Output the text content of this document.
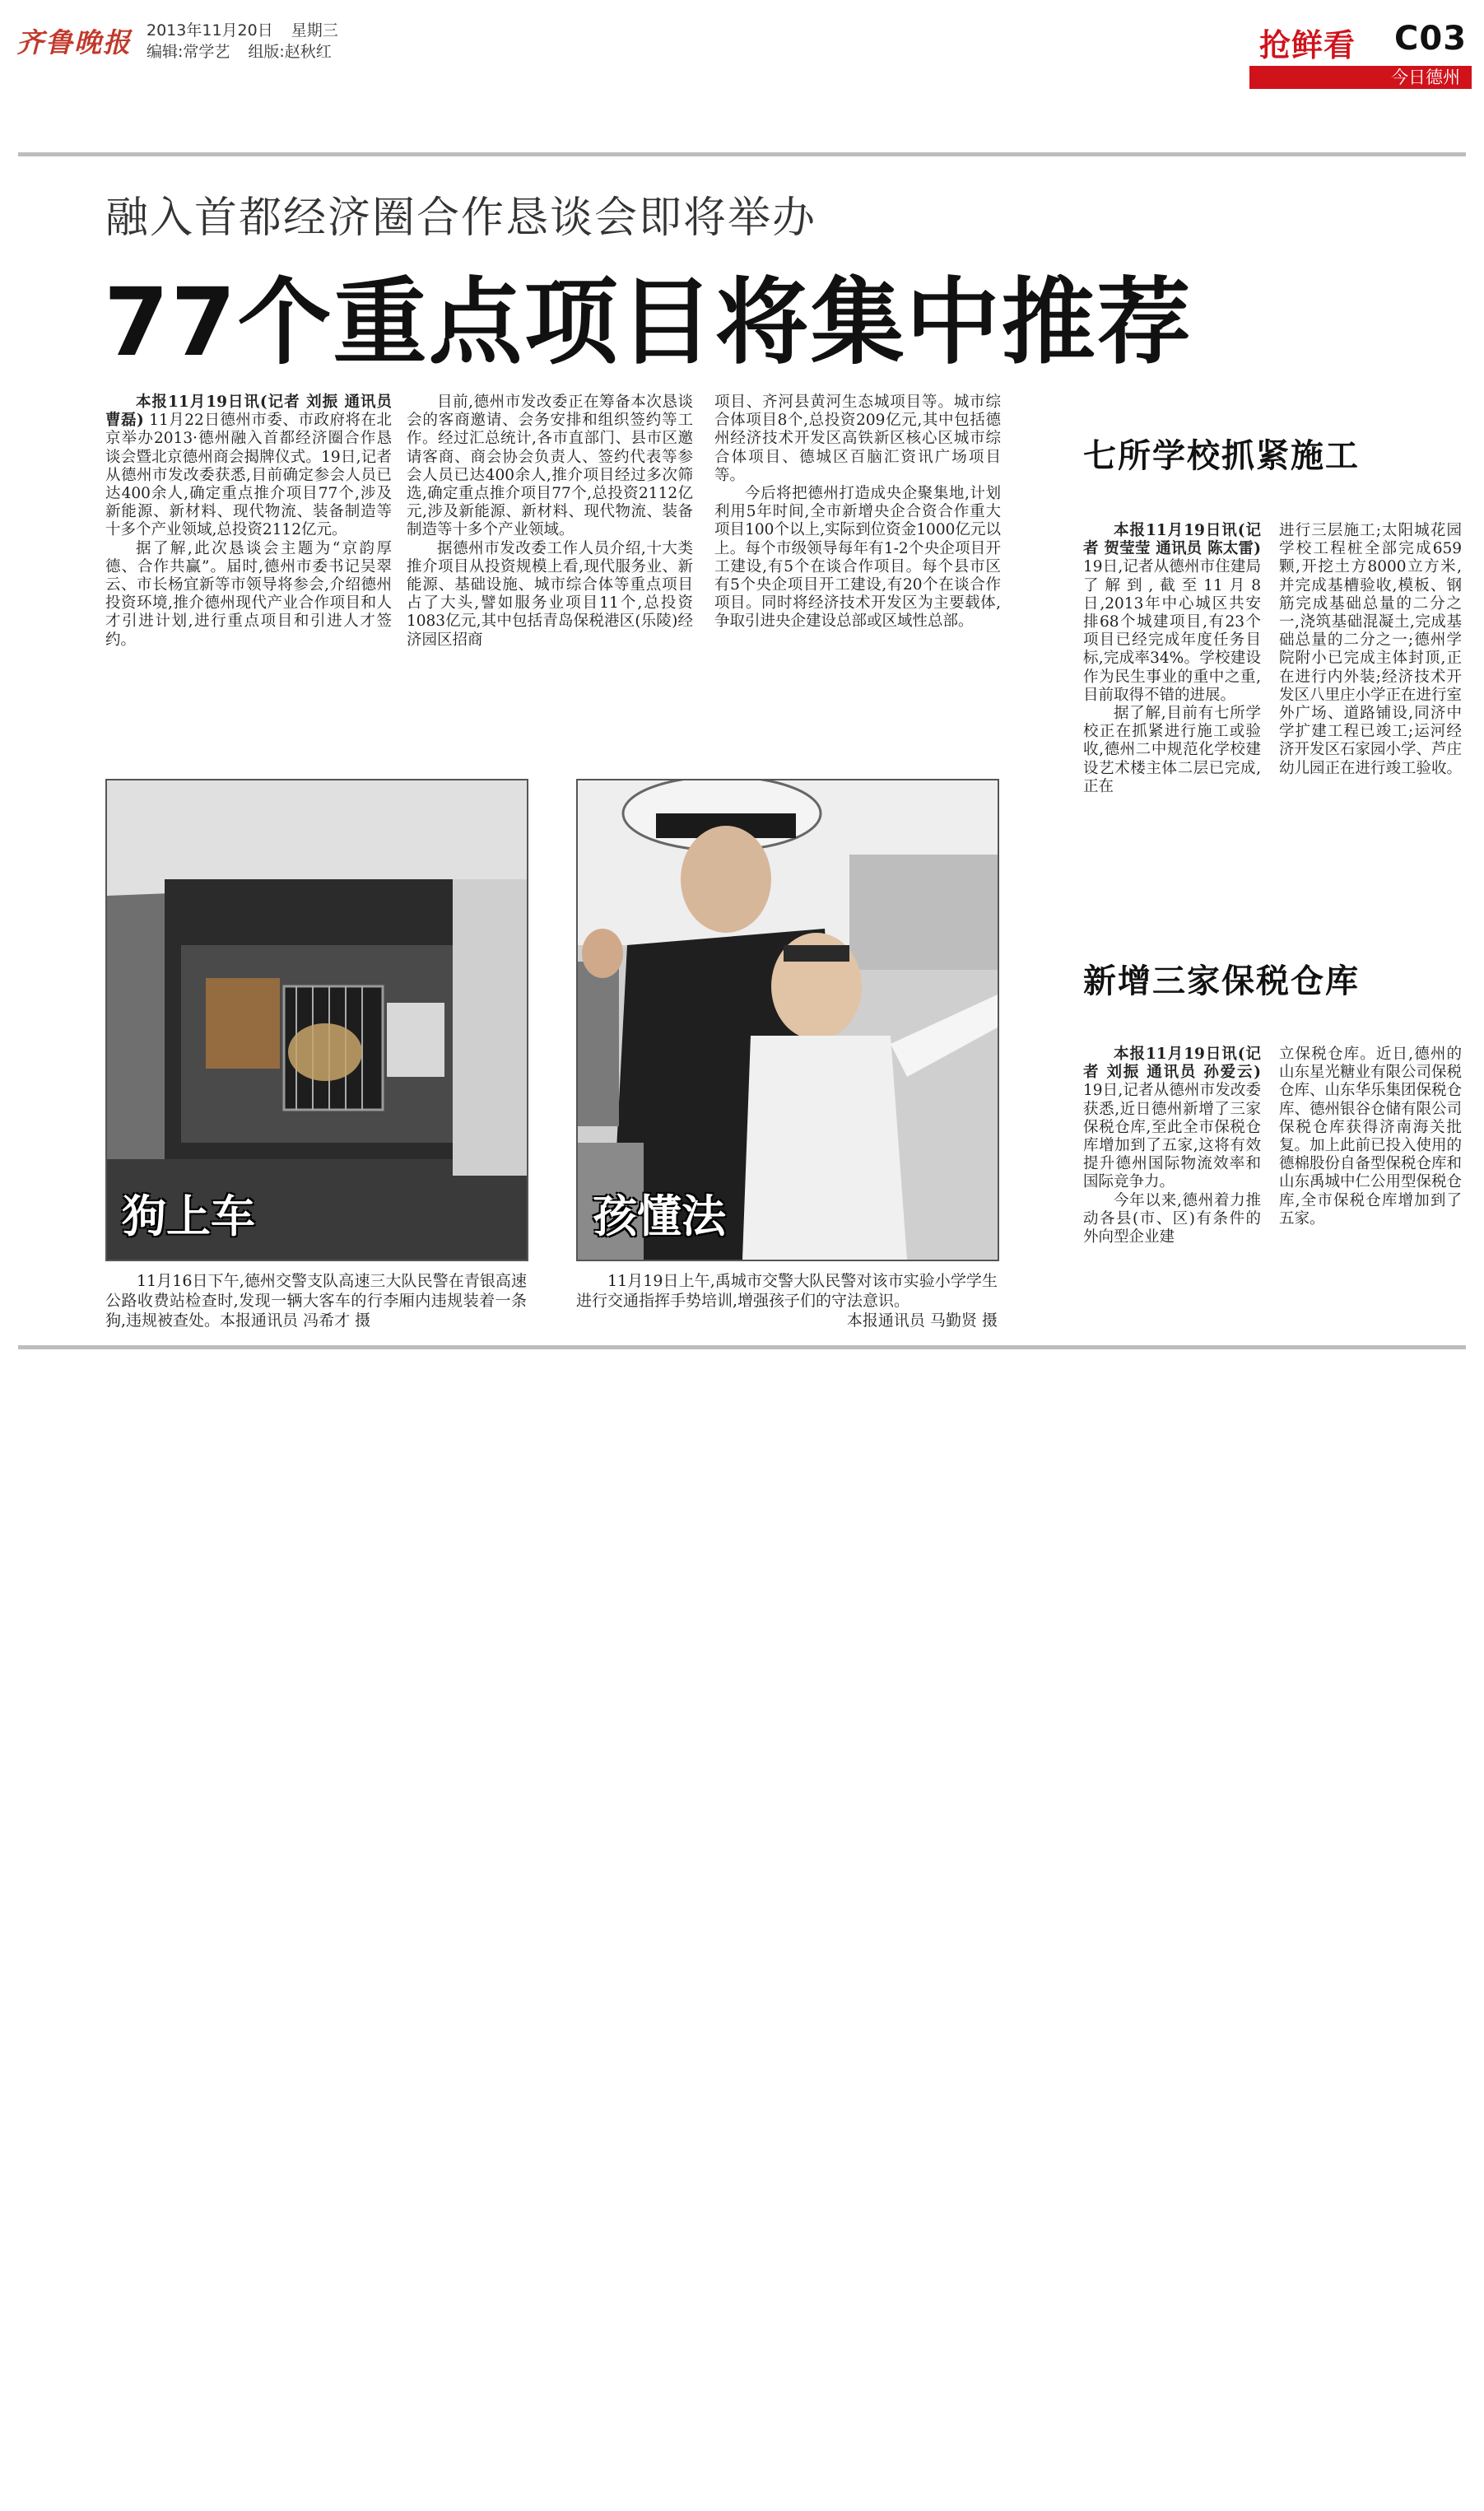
齐鲁晚报 2013年11月20日 星期三
编辑:常学艺 组版:赵秋红	抢鲜看 C03
今日德州
融入首都经济圈合作恳谈会即将举办
77个重点项目将集中推荐

本报11月19日讯(记者 刘振 通讯员 曹磊) 11月22日德州市委、市政府将在北京举办2013·德州融入首都经济圈合作恳谈会暨北京德州商会揭牌仪式。19日,记者从德州市发改委获悉,目前确定参会人员已达400余人,确定重点推介项目77个,涉及新能源、新材料、现代物流、装备制造等十多个产业领域,总投资2112亿元。

据了解,此次恳谈会主题为“京韵厚德、合作共赢”。届时,德州市委书记吴翠云、市长杨宜新等市领导将参会,介绍德州投资环境,推介德州现代产业合作项目和人才引进计划,进行重点项目和引进人才签约。

目前,德州市发改委正在筹备本次恳谈会的客商邀请、会务安排和组织签约等工作。经过汇总统计,各市直部门、县市区邀请客商、商会协会负责人、签约代表等参会人员已达400余人,推介项目经过多次筛选,确定重点推介项目77个,总投资2112亿元,涉及新能源、新材料、现代物流、装备制造等十多个产业领域。

据德州市发改委工作人员介绍,十大类推介项目从投资规模上看,现代服务业、新能源、基础设施、城市综合体等重点项目占了大头,譬如服务业项目11个,总投资1083亿元,其中包括青岛保税港区(乐陵)经济园区招商

项目、齐河县黄河生态城项目等。城市综合体项目8个,总投资209亿元,其中包括德州经济技术开发区高铁新区核心区城市综合体项目、德城区百脑汇资讯广场项目等。

今后将把德州打造成央企聚集地,计划利用5年时间,全市新增央企合资合作重大项目100个以上,实际到位资金1000亿元以上。每个市级领导每年有1-2个央企项目开工建设,有5个在谈合作项目。每个县市区有5个央企项目开工建设,有20个在谈合作项目。同时将经济技术开发区为主要载体,争取引进央企建设总部或区域性总部。

七所学校抓紧施工

本报11月19日讯(记者 贺莹莹 通讯员 陈太雷) 19日,记者从德州市住建局了解到,截至11月8日,2013年中心城区共安排68个城建项目,有23个项目已经完成年度任务目标,完成率34%。学校建设作为民生事业的重中之重,目前取得不错的进展。

据了解,目前有七所学校正在抓紧进行施工或验收,德州二中规范化学校建设艺术楼主体二层已完成,正在

进行三层施工;太阳城花园学校工程桩全部完成659颗,开挖土方8000立方米,并完成基槽验收,模板、钢筋完成基础总量的二分之一,浇筑基础混凝土,完成基础总量的二分之一;德州学院附小已完成主体封顶,正在进行内外装;经济技术开发区八里庄小学正在进行室外广场、道路铺设,同济中学扩建工程已竣工;运河经济开发区石家园小学、芦庄幼儿园正在进行竣工验收。

新增三家保税仓库

本报11月19日讯(记者 刘振 通讯员 孙爱云) 19日,记者从德州市发改委获悉,近日德州新增了三家保税仓库,至此全市保税仓库增加到了五家,这将有效提升德州国际物流效率和国际竞争力。

今年以来,德州着力推动各县(市、区)有条件的外向型企业建

立保税仓库。近日,德州的山东星光糖业有限公司保税仓库、山东华乐集团保税仓库、德州银谷仓储有限公司保税仓库获得济南海关批复。加上此前已投入使用的德棉股份自备型保税仓库和山东禹城中仁公用型保税仓库,全市保税仓库增加到了五家。

狗上车

11月16日下午,德州交警支队高速三大队民警在青银高速公路收费站检查时,发现一辆大客车的行李厢内违规装着一条狗,违规被查处。本报通讯员 冯希才 摄

孩懂法

11月19日上午,禹城市交警大队民警对该市实验小学学生进行交通指挥手势培训,增强孩子们的守法意识。

本报通讯员 马勤贤 摄
